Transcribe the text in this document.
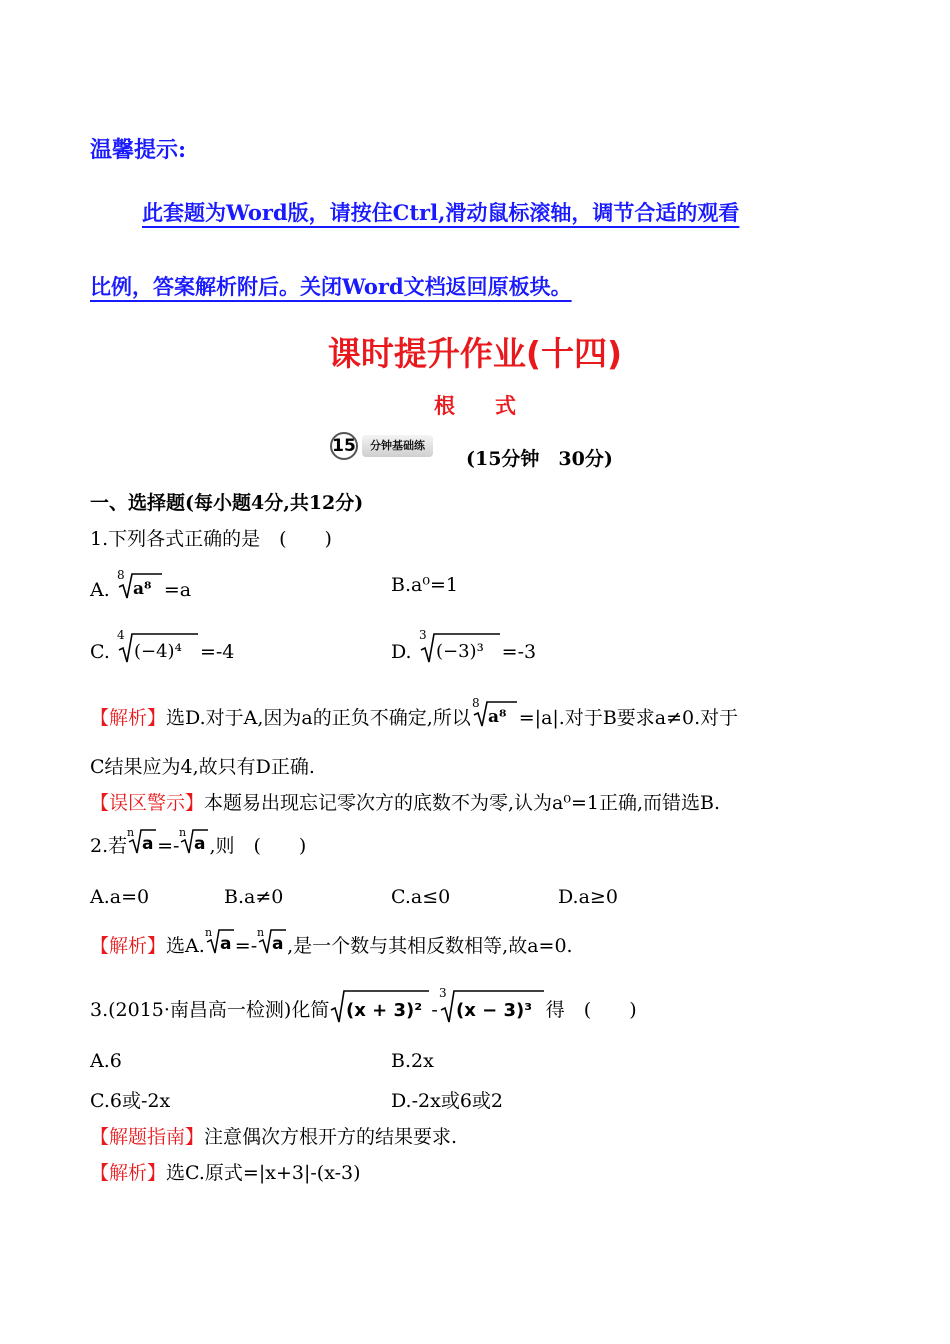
温馨提示:
此套题为Word版，请按住Ctrl,滑动鼠标滚轴，调节合适的观看
比例，答案解析附后。关闭Word文档返回原板块。
课时提升作业(十四)
根式
15	分钟基础练
(15分钟　30分)
一、选择题(每小题4分,共12分)
1.下列各式正确的是　(　　)
A.
8
a⁸ =a	B.a⁰=1
C.
4
(−4)⁴ =-4	D.
3
(−3)³ =-3
【解析】选D.对于A,因为a的正负不确定,所以
8
a⁸ =|a|.对于B要求a≠0.对于
C结果应为4,故只有D正确.
【误区警示】本题易出现忘记零次方的底数不为零,认为a⁰=1正确,而错选B.
2.若
n
a =-
n
a ,则　(　　)
A.a=0	B.a≠0	C.a≤0	D.a≥0
【解析】选A.
n
a =-
n
a ,是一个数与其相反数相等,故a=0.
3.(2015·南昌高一检测)化简 (x + 3)² -
3
(x − 3)³ 得　(　　)
A.6	B.2x
C.6或-2x	D.-2x或6或2
【解题指南】注意偶次方根开方的结果要求.
【解析】选C.原式=|x+3|-(x-3)
